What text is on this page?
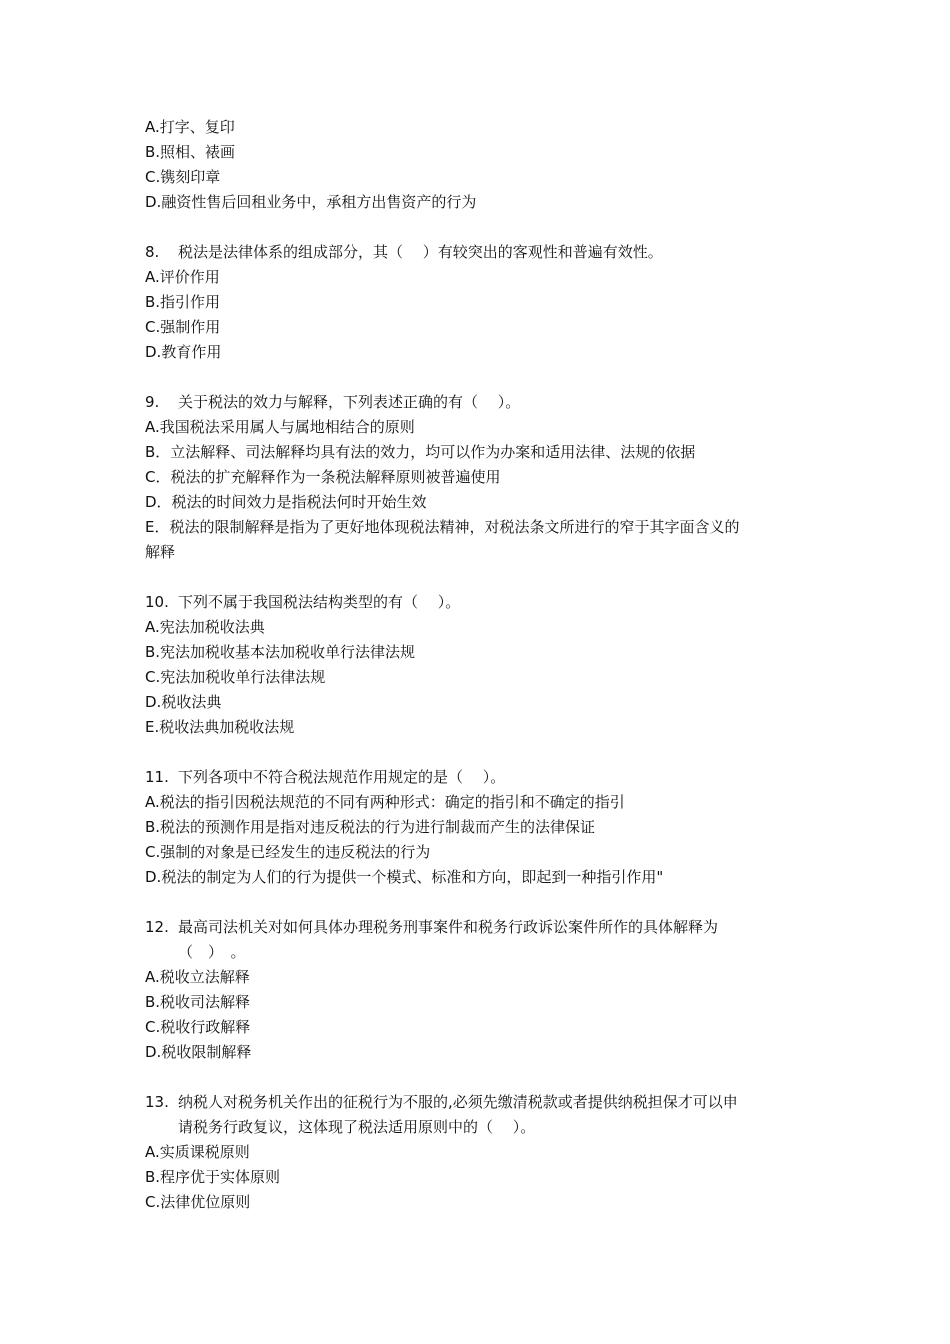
A.打字、复印
B.照相、裱画
C.镌刻印章
D.融资性售后回租业务中，承租方出售资产的行为
8.	税法是法律体系的组成部分，其（　 ）有较突出的客观性和普遍有效性。
A.评价作用
B.指引作用
C.强制作用
D.教育作用
9.	关于税法的效力与解释，下列表述正确的有（　 ）。
A.我国税法采用属人与属地相结合的原则
B．立法解释、司法解释均具有法的效力，均可以作为办案和适用法律、法规的依据
C．税法的扩充解释作为一条税法解释原则被普遍使用
D．税法的时间效力是指税法何时开始生效
E．税法的限制解释是指为了更好地体现税法精神，对税法条文所进行的窄于其字面含义的
解释
10. 下列不属于我国税法结构类型的有（　 ）。
A.宪法加税收法典
B.宪法加税收基本法加税收单行法律法规
C.宪法加税收单行法律法规
D.税收法典
E.税收法典加税收法规
11. 下列各项中不符合税法规范作用规定的是（　 ）。
A.税法的指引因税法规范的不同有两种形式：确定的指引和不确定的指引
B.税法的预测作用是指对违反税法的行为进行制裁而产生的法律保证
C.强制的对象是已经发生的违反税法的行为
D.税法的制定为人们的行为提供一个模式、标准和方向，即起到一种指引作用"
12. 最高司法机关对如何具体办理税务刑事案件和税务行政诉讼案件所作的具体解释为
（　）　。
A.税收立法解释
B.税收司法解释
C.税收行政解释
D.税收限制解释
13. 纳税人对税务机关作出的征税行为不服的,必须先缴清税款或者提供纳税担保才可以申
请税务行政复议，这体现了税法适用原则中的（　 ）。
A.实质课税原则
B.程序优于实体原则
C.法律优位原则
